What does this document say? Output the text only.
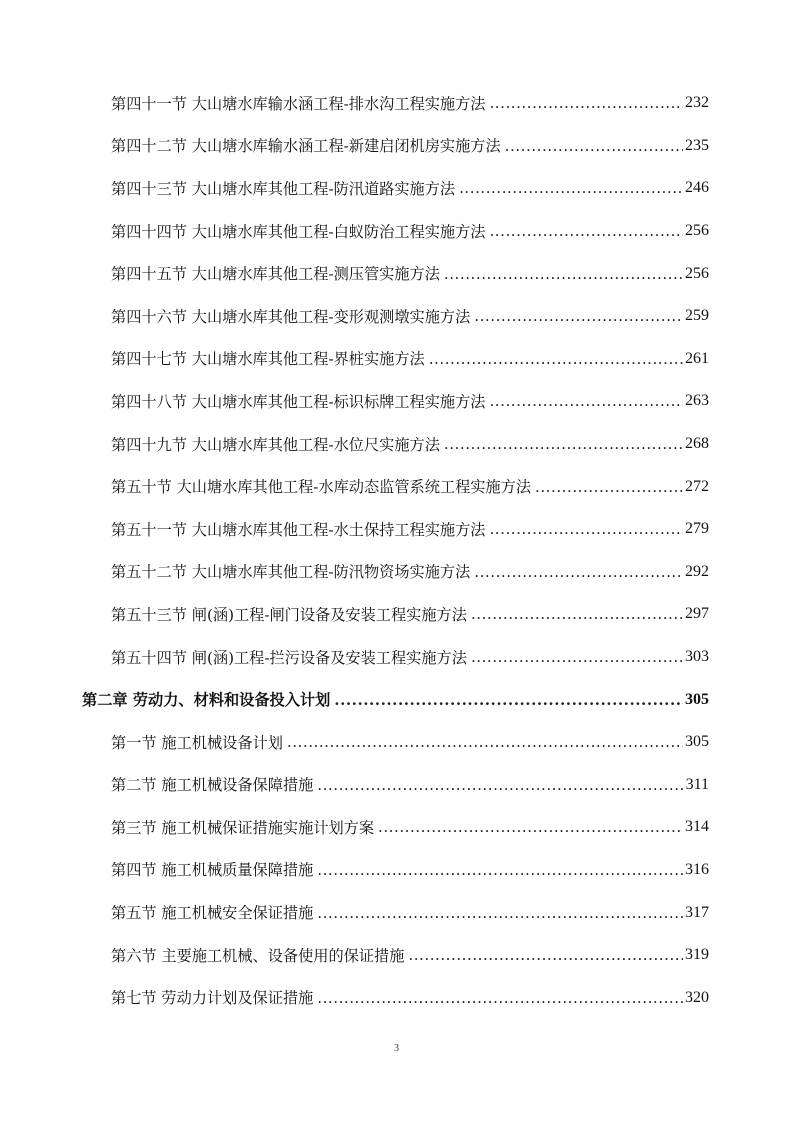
第四十一节 大山塘水库输水涵工程-排水沟工程实施方法 .....	232
第四十二节 大山塘水库输水涵工程-新建启闭机房实施方法 .....	235
第四十三节 大山塘水库其他工程-防汛道路实施方法 .....	246
第四十四节 大山塘水库其他工程-白蚁防治工程实施方法 .....	256
第四十五节 大山塘水库其他工程-测压管实施方法 .....	256
第四十六节 大山塘水库其他工程-变形观测墩实施方法 .....	259
第四十七节 大山塘水库其他工程-界桩实施方法 .....	261
第四十八节 大山塘水库其他工程-标识标牌工程实施方法 .....	263
第四十九节 大山塘水库其他工程-水位尺实施方法 .....	268
第五十节 大山塘水库其他工程-水库动态监管系统工程实施方法 .....	272
第五十一节 大山塘水库其他工程-水土保持工程实施方法 .....	279
第五十二节 大山塘水库其他工程-防汛物资场实施方法 .....	292
第五十三节 闸(涵)工程-闸门设备及安装工程实施方法 .....	297
第五十四节 闸(涵)工程-拦污设备及安装工程实施方法 .....	303
第二章 劳动力、材料和设备投入计划 .....	305
第一节 施工机械设备计划 .....	305
第二节 施工机械设备保障措施 .....	311
第三节 施工机械保证措施实施计划方案 .....	314
第四节 施工机械质量保障措施 .....	316
第五节 施工机械安全保证措施 .....	317
第六节 主要施工机械、设备使用的保证措施 .....	319
第七节 劳动力计划及保证措施 .....	320
3
